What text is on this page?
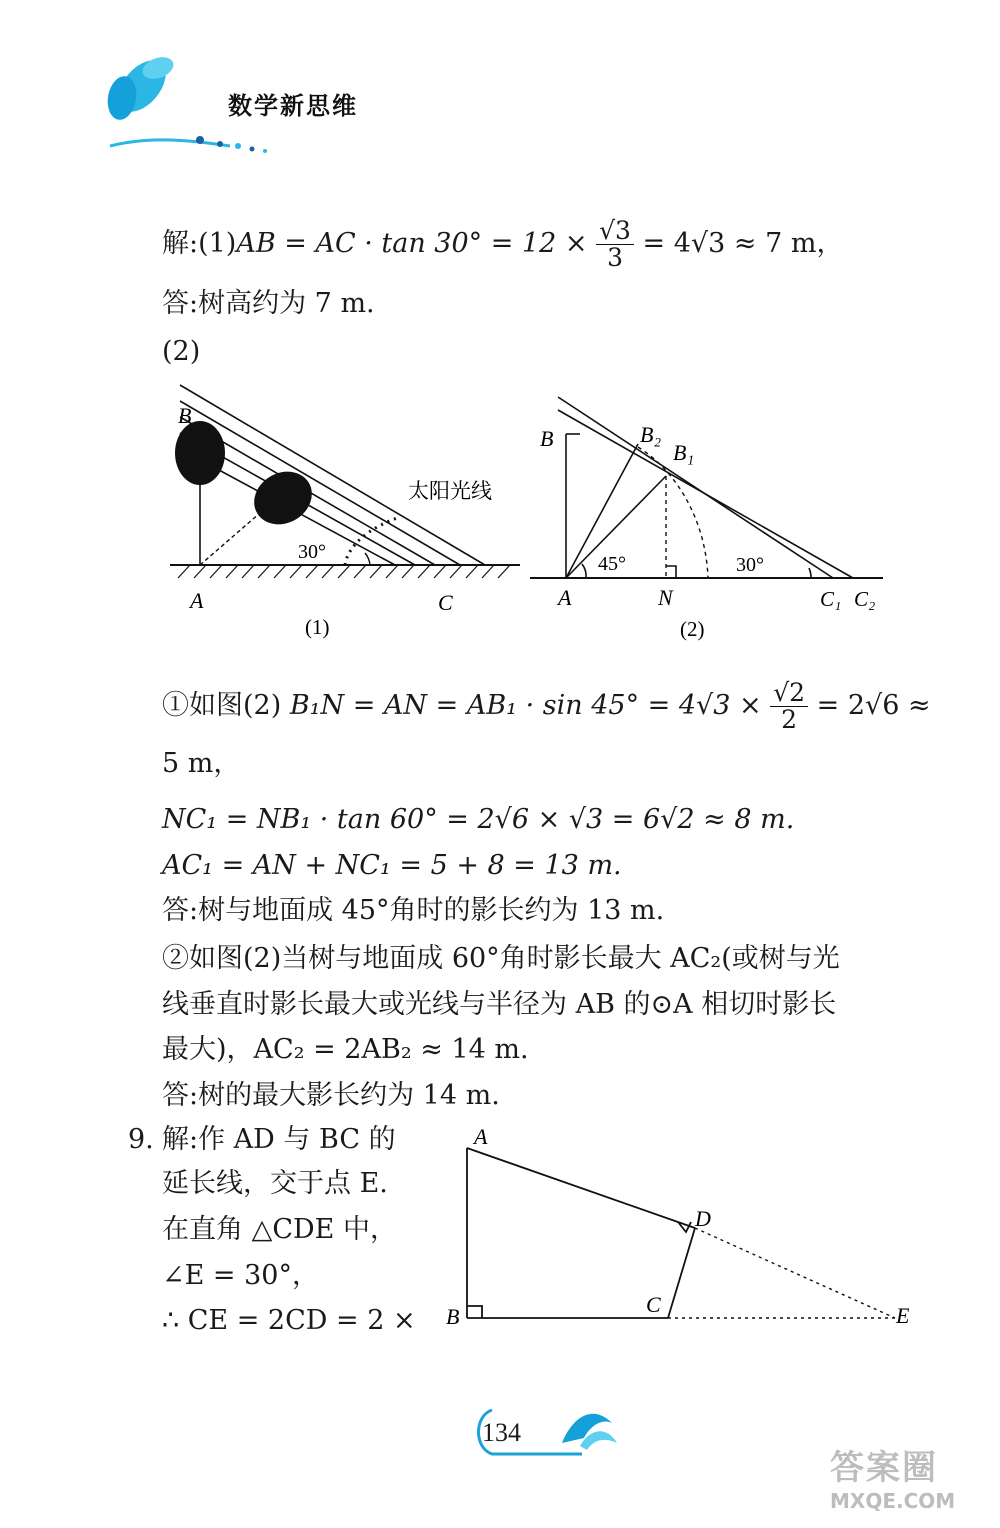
数学新思维
解:(1)AB = AC · $\tan 30^\circ = 12 \times \frac{√3}{3} = 4√3 \approx 7$ m，
答:树高约为 7 m.
(2)
B
A	C
30°
太阳光线
(1)
B	B₂
B₁
A	N	C₁ C₂
45°	30°
(2)
①如图(2) B₁N = AN = $AB_1 \cdot \sin 45^\circ = 4√3 \times \frac{√2}{2} = 2√6$ ≈
5 m，
NC₁ = NB₁ · tan 60° = 2√6 × √3 = 6√2 ≈ 8 m.
AC₁ = AN + NC₁ = 5 + 8 = 13 m.
答:树与地面成 45°角时的影长约为 13 m.
②如图(2)当树与地面成 60°角时影长最大 AC₂(或树与光
线垂直时影长最大或光线与半径为 AB 的⊙A 相切时影长
最大)，AC₂ = 2AB₂ ≈ 14 m.
答:树的最大影长约为 14 m.
9. 解:作 AD 与 BC 的
延长线，交于点 E.
在直角 △CDE 中，
∠E = 30°，
∴ CE = 2CD = 2 ×
A
B	C
D
E
134
答案圈
MXQE.COM
